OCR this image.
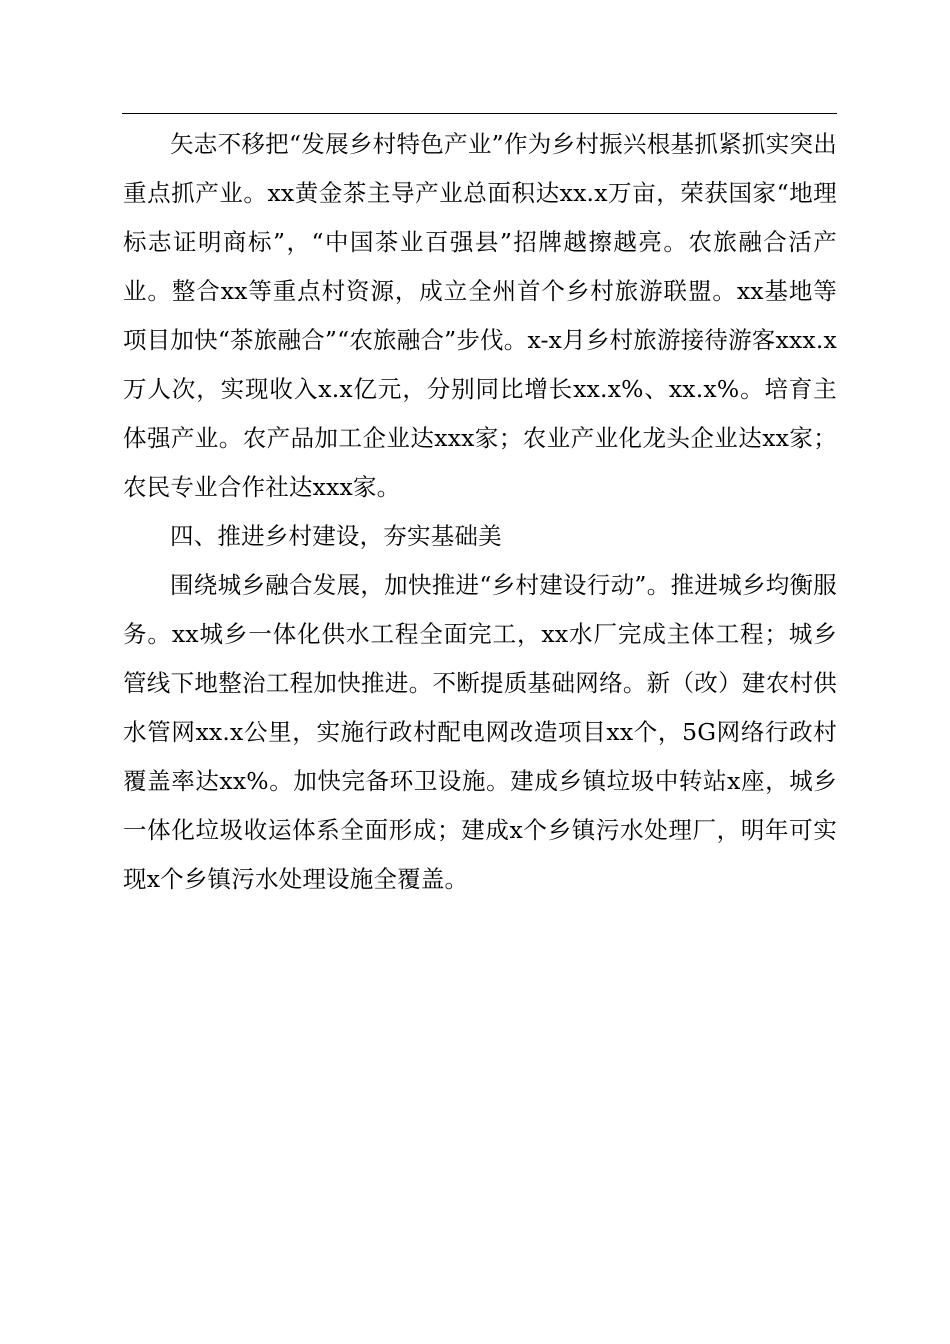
矢志不移把“发展乡村特色产业”作为乡村振兴根基抓紧抓实突出重点抓产业。xx黄金茶主导产业总面积达xx.x万亩，荣获国家“地理标志证明商标”，“中国茶业百强县”招牌越擦越亮。农旅融合活产业。整合xx等重点村资源，成立全州首个乡村旅游联盟。xx基地等项目加快“茶旅融合”“农旅融合”步伐。x-x月乡村旅游接待游客xxx.x万人次，实现收入x.x亿元，分别同比增长xx.x%、xx.x%。培育主体强产业。农产品加工企业达xxx家；农业产业化龙头企业达xx家；农民专业合作社达xxx家。

四、推进乡村建设，夯实基础美

围绕城乡融合发展，加快推进“乡村建设行动”。推进城乡均衡服务。xx城乡一体化供水工程全面完工，xx水厂完成主体工程；城乡管线下地整治工程加快推进。不断提质基础网络。新（改）建农村供水管网xx.x公里，实施行政村配电网改造项目xx个，5G网络行政村覆盖率达xx%。加快完备环卫设施。建成乡镇垃圾中转站x座，城乡一体化垃圾收运体系全面形成；建成x个乡镇污水处理厂，明年可实现x个乡镇污水处理设施全覆盖。
